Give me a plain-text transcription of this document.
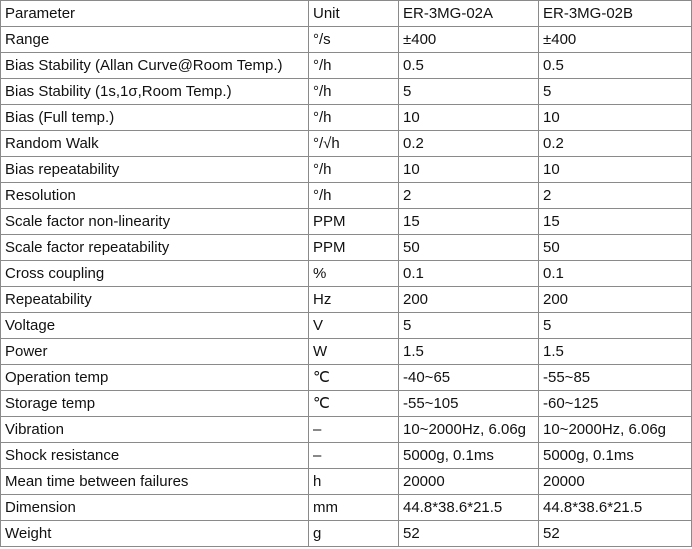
Parameter	Unit	ER-3MG-02A	ER-3MG-02B
Range	°/s	±400	±400
Bias Stability (Allan Curve@Room Temp.)	°/h	0.5	0.5
Bias Stability (1s,1σ,Room Temp.)	°/h	5	5
Bias (Full temp.)	°/h	10	10
Random Walk	°/√h	0.2	0.2
Bias repeatability	°/h	10	10
Resolution	°/h	2	2
Scale factor non-linearity	PPM	15	15
Scale factor repeatability	PPM	50	50
Cross coupling	%	0.1	0.1
Repeatability	Hz	200	200
Voltage	V	5	5
Power	W	1.5	1.5
Operation temp	℃	-40~65	-55~85
Storage temp	℃	-55~105	-60~125
Vibration	–	10~2000Hz, 6.06g	10~2000Hz, 6.06g
Shock resistance	–	5000g, 0.1ms	5000g, 0.1ms
Mean time between failures	h	20000	20000
Dimension	mm	44.8*38.6*21.5	44.8*38.6*21.5
Weight	g	52	52
